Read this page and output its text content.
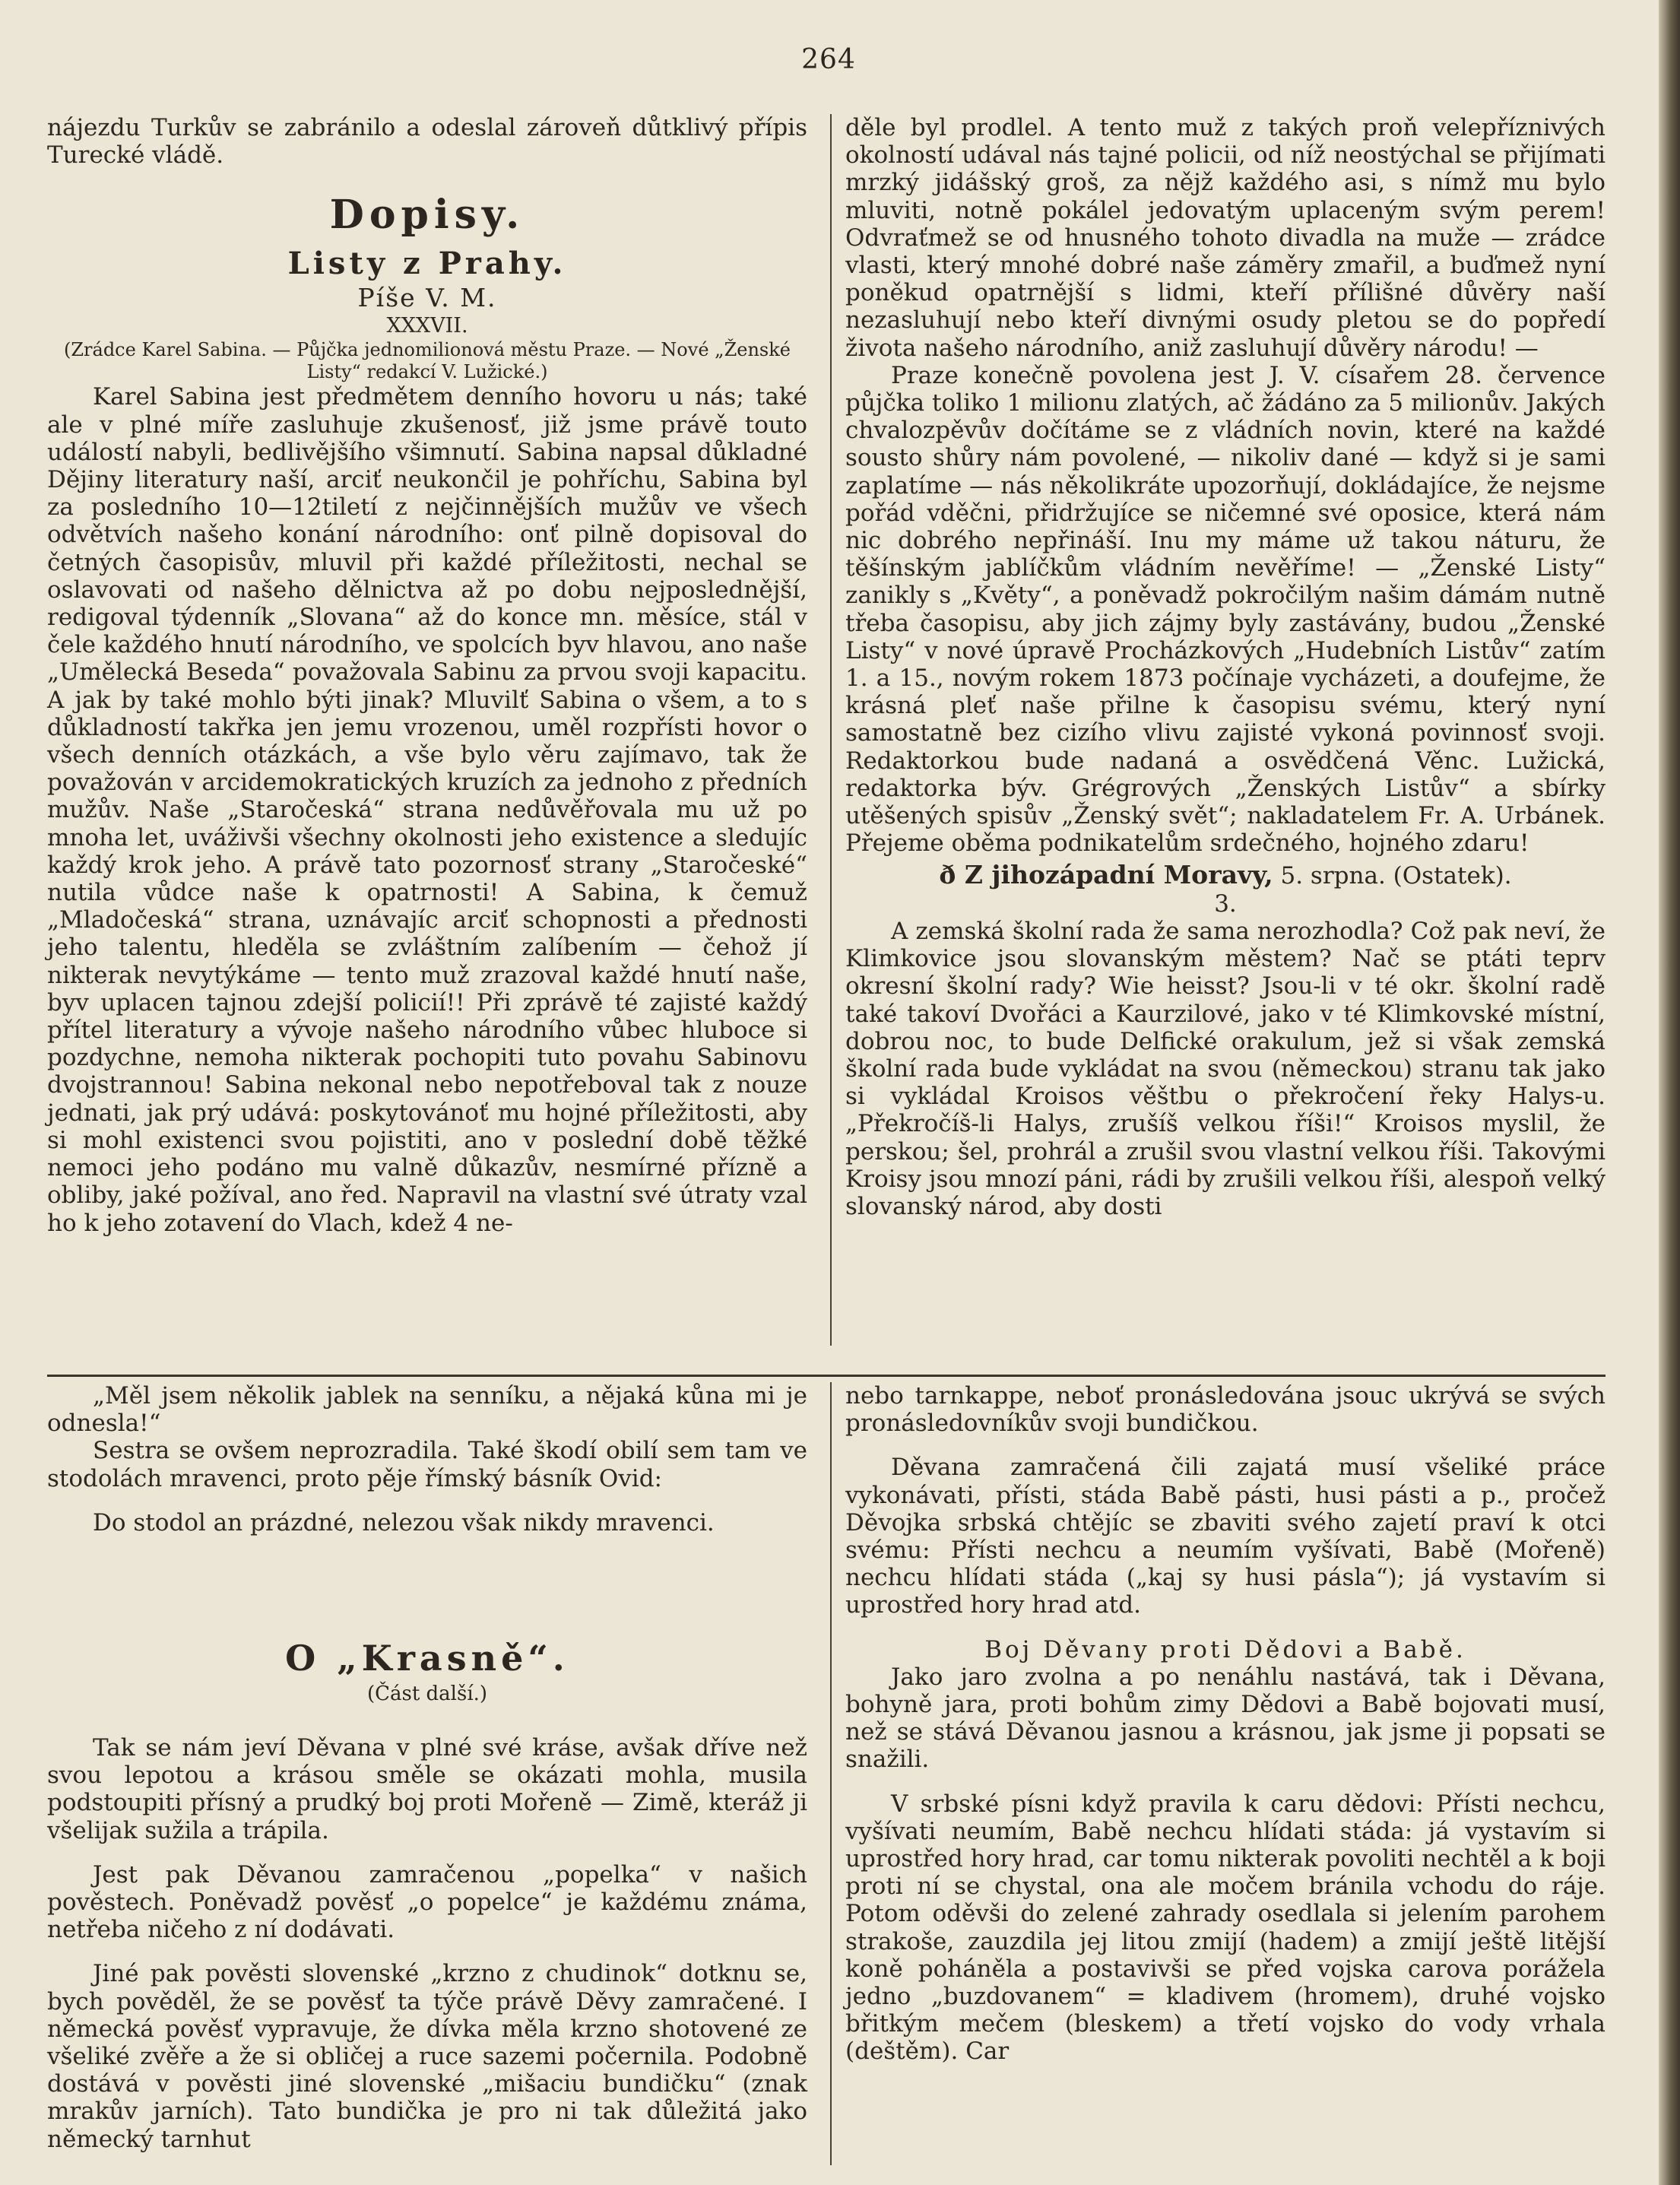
264

nájezdu Turkův se zabránilo a odeslal zároveň důtklivý přípis Turecké vládě.

Dopisy.
Listy z Prahy.
Píše V. M.
XXXVII.

(Zrádce Karel Sabina. — Půjčka jednomilionová městu Praze. — Nové „Ženské Listy“ redakcí V. Lužické.)

Karel Sabina jest předmětem denního hovoru u nás; také ale v plné míře zasluhuje zkušenosť, již jsme právě touto událostí nabyli, bedlivějšího všimnutí. Sabina napsal důkladné Dějiny literatury naší, arciť neukončil je pohříchu, Sabina byl za posledního 10—12tiletí z nejčinnějších mužův ve všech odvětvích našeho konání národního: onť pilně dopisoval do četných časopisův, mluvil při každé příležitosti, nechal se oslavovati od našeho dělnictva až po dobu nejposlednější, redigoval týdenník „Slovana“ až do konce mn. měsíce, stál v čele každého hnutí národního, ve spolcích byv hlavou, ano naše „Umělecká Beseda“ považovala Sabinu za prvou svoji kapacitu. A jak by také mohlo býti jinak? Mluvilť Sabina o všem, a to s důkladností takřka jen jemu vrozenou, uměl rozpřísti hovor o všech denních otázkách, a vše bylo věru zajímavo, tak že považován v arcidemokratických kruzích za jednoho z předních mužův. Naše „Staročeská“ strana nedůvěřovala mu už po mnoha let, uváživši všechny okolnosti jeho existence a sledujíc každý krok jeho. A právě tato pozornosť strany „Staročeské“ nutila vůdce naše k opatrnosti! A Sabina, k čemuž „Mladočeská“ strana, uznávajíc arciť schopnosti a přednosti jeho talentu, hleděla se zvláštním zalíbením — čehož jí nikterak nevytýkáme — tento muž zrazoval každé hnutí naše, byv uplacen tajnou zdejší policií!! Při zprávě té zajisté každý přítel literatury a vývoje našeho národního vůbec hluboce si pozdychne, nemoha nikterak pochopiti tuto povahu Sabinovu dvojstrannou! Sabina nekonal nebo nepotřeboval tak z nouze jednati, jak prý udává: poskytovánoť mu hojné příležitosti, aby si mohl existenci svou pojistiti, ano v poslední době těžké nemoci jeho podáno mu valně důkazův, nesmírné přízně a obliby, jaké požíval, ano řed. Napravil na vlastní své útraty vzal ho k jeho zotavení do Vlach, kdež 4 ne-

děle byl prodlel. A tento muž z takých proň velepříznivých okolností udával nás tajné policii, od níž neostýchal se přijímati mrzký jidášský groš, za nějž každého asi, s nímž mu bylo mluviti, notně pokálel jedovatým uplaceným svým perem! Odvraťmež se od hnusného tohoto divadla na muže — zrádce vlasti, který mnohé dobré naše záměry zmařil, a buďmež nyní poněkud opatrnější s lidmi, kteří přílišné důvěry naší nezasluhují nebo kteří divnými osudy pletou se do popředí života našeho národního, aniž zasluhují důvěry národu! —

Praze konečně povolena jest J. V. císařem 28. července půjčka toliko 1 milionu zlatých, ač žádáno za 5 milionův. Jakých chvalozpěvův dočítáme se z vládních novin, které na každé sousto shůry nám povolené, — nikoliv dané — když si je sami zaplatíme — nás několikráte upozorňují, dokládajíce, že nejsme pořád vděčni, přidržujíce se ničemné své oposice, která nám nic dobrého nepřináší. Inu my máme už takou náturu, že těšínským jablíčkům vládním nevěříme! — „Ženské Listy“ zanikly s „Květy“, a poněvadž pokročilým našim dámám nutně třeba časopisu, aby jich zájmy byly zastávány, budou „Ženské Listy“ v nové úpravě Procházkových „Hudebních Listův“ zatím 1. a 15., novým rokem 1873 počínaje vycházeti, a doufejme, že krásná pleť naše přilne k časopisu svému, který nyní samostatně bez cizího vlivu zajisté vykoná povinnosť svoji. Redaktorkou bude nadaná a osvědčená Věnc. Lužická, redaktorka býv. Grégrových „Ženských Listův“ a sbírky utěšených spisův „Ženský svět“; nakladatelem Fr. A. Urbánek. Přejeme oběma podnikatelům srdečného, hojného zdaru!

ð Z jihozápadní Moravy, 5. srpna. (Ostatek).
3.

A zemská školní rada že sama nerozhodla? Což pak neví, že Klimkovice jsou slovanským městem? Nač se ptáti teprv okresní školní rady? Wie heisst? Jsou-li v té okr. školní radě také takoví Dvořáci a Kaurzilové, jako v té Klimkovské místní, dobrou noc, to bude Delfické orakulum, jež si však zemská školní rada bude vykládat na svou (německou) stranu tak jako si vykládal Kroisos věštbu o překročení řeky Halys-u. „Překročíš-li Halys, zrušíš velkou říši!“ Kroisos myslil, že perskou; šel, prohrál a zrušil svou vlastní velkou říši. Takovými Kroisy jsou mnozí páni, rádi by zrušili velkou říši, alespoň velký slovanský národ, aby dosti

„Měl jsem několik jablek na senníku, a nějaká kůna mi je odnesla!“

Sestra se ovšem neprozradila. Také škodí obilí sem tam ve stodolách mravenci, proto pěje římský básník Ovid:

Do stodol an prázdné, nelezou však nikdy mravenci.

O „Krasně“.
(Část další.)

Tak se nám jeví Děvana v plné své kráse, avšak dříve než svou lepotou a krásou směle se okázati mohla, musila podstoupiti přísný a prudký boj proti Mořeně — Zimě, kteráž ji všelijak sužila a trápila.

Jest pak Děvanou zamračenou „popelka“ v našich pověstech. Poněvadž pověsť „o popelce“ je každému známa, netřeba ničeho z ní dodávati.

Jiné pak pověsti slovenské „krzno z chudinok“ dotknu se, bych pověděl, že se pověsť ta týče právě Děvy zamračené. I německá pověsť vypravuje, že dívka měla krzno shotovené ze všeliké zvěře a že si obličej a ruce sazemi počernila. Podobně dostává v pověsti jiné slovenské „mišaciu bundičku“ (znak mrakův jarních). Tato bundička je pro ni tak důležitá jako německý tarnhut

nebo tarnkappe, neboť pronásledována jsouc ukrývá se svých pronásledovníkův svoji bundičkou.

Děvana zamračená čili zajatá musí všeliké práce vykonávati, přísti, stáda Babě pásti, husi pásti a p., pročež Děvojka srbská chtějíc se zbaviti svého zajetí praví k otci svému: Přísti nechcu a neumím vyšívati, Babě (Mořeně) nechcu hlídati stáda („kaj sy husi pásla“); já vystavím si uprostřed hory hrad atd.

Boj Děvany proti Dědovi a Babě.

Jako jaro zvolna a po nenáhlu nastává, tak i Děvana, bohyně jara, proti bohům zimy Dědovi a Babě bojovati musí, než se stává Děvanou jasnou a krásnou, jak jsme ji popsati se snažili.

V srbské písni když pravila k caru dědovi: Přísti nechcu, vyšívati neumím, Babě nechcu hlídati stáda: já vystavím si uprostřed hory hrad, car tomu nikterak povoliti nechtěl a k boji proti ní se chystal, ona ale močem bránila vchodu do ráje. Potom oděvši do zelené zahrady osedlala si jelením parohem strakoše, zauzdila jej litou zmijí (hadem) a zmijí ještě litější koně poháněla a postavivši se před vojska carova porážela jedno „buzdovanem“ = kladivem (hromem), druhé vojsko břitkým mečem (bleskem) a třetí vojsko do vody vrhala (deštěm). Car
